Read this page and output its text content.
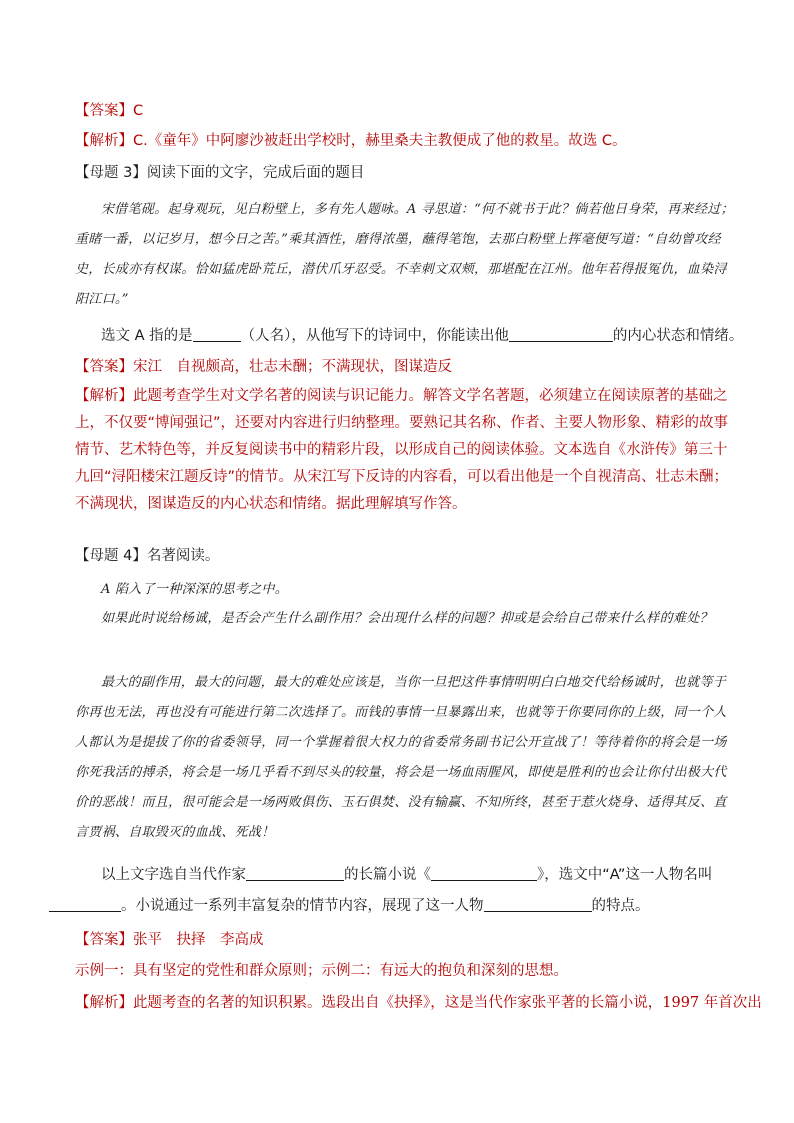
【答案】C
【解析】C.《童年》中阿廖沙被赶出学校时，赫里桑夫主教便成了他的救星。故选 C。
【母题 3】阅读下面的文字，完成后面的题目
宋借笔砚。起身观玩，见白粉壁上，多有先人题咏。A 寻思道：“何不就书于此？倘若他日身荣，再来经过；重睹一番，以记岁月，想今日之苦。”乘其酒性，磨得浓墨，蘸得笔饱，去那白粉壁上挥毫便写道：“自幼曾攻经史，长成亦有权谋。恰如猛虎卧荒丘，潜伏爪牙忍受。不幸刺文双颊，那堪配在江州。他年若得报冤仇，血染浔阳江口。”
选文 A 指的是	（人名），从他写下的诗词中，你能读出他	的内心状态和情绪。
【答案】宋江　自视颇高，壮志未酬；不满现状，图谋造反
【解析】此题考查学生对文学名著的阅读与识记能力。解答文学名著题，必须建立在阅读原著的基础之上，不仅要“博闻强记”，还要对内容进行归纳整理。要熟记其名称、作者、主要人物形象、精彩的故事情节、艺术特色等，并反复阅读书中的精彩片段，以形成自己的阅读体验。文本选自《水浒传》第三十九回“浔阳楼宋江题反诗”的情节。从宋江写下反诗的内容看，可以看出他是一个自视清高、壮志未酬；不满现状，图谋造反的内心状态和情绪。据此理解填写作答。
【母题 4】名著阅读。
A 陷入了一种深深的思考之中。
如果此时说给杨诚，是否会产生什么副作用？会出现什么样的问题？抑或是会给自己带来什么样的难处？
最大的副作用，最大的问题，最大的难处应该是，当你一旦把这件事情明明白白地交代给杨诚时，也就等于你再也无法，再也没有可能进行第二次选择了。而钱的事情一旦暴露出来，也就等于你要同你的上级，同一个人人都认为是提拔了你的省委领导，同一个掌握着很大权力的省委常务副书记公开宣战了！等待着你的将会是一场你死我活的搏杀，将会是一场几乎看不到尽头的较量，将会是一场血雨腥风，即使是胜利的也会让你付出极大代价的恶战！而且，很可能会是一场两败俱伤、玉石俱焚、没有输赢、不知所终，甚至于惹火烧身、适得其反、直言贾祸、自取毁灭的血战、死战！
以上文字选自当代作家	的长篇小说《	》，选文中“A”这一人物名叫
。小说通过一系列丰富复杂的情节内容，展现了这一人物	的特点。
【答案】张平　抉择　李高成
示例一：具有坚定的党性和群众原则；示例二：有远大的抱负和深刻的思想。
【解析】此题考查的名著的知识积累。选段出自《抉择》，这是当代作家张平著的长篇小说，1997 年首次出
